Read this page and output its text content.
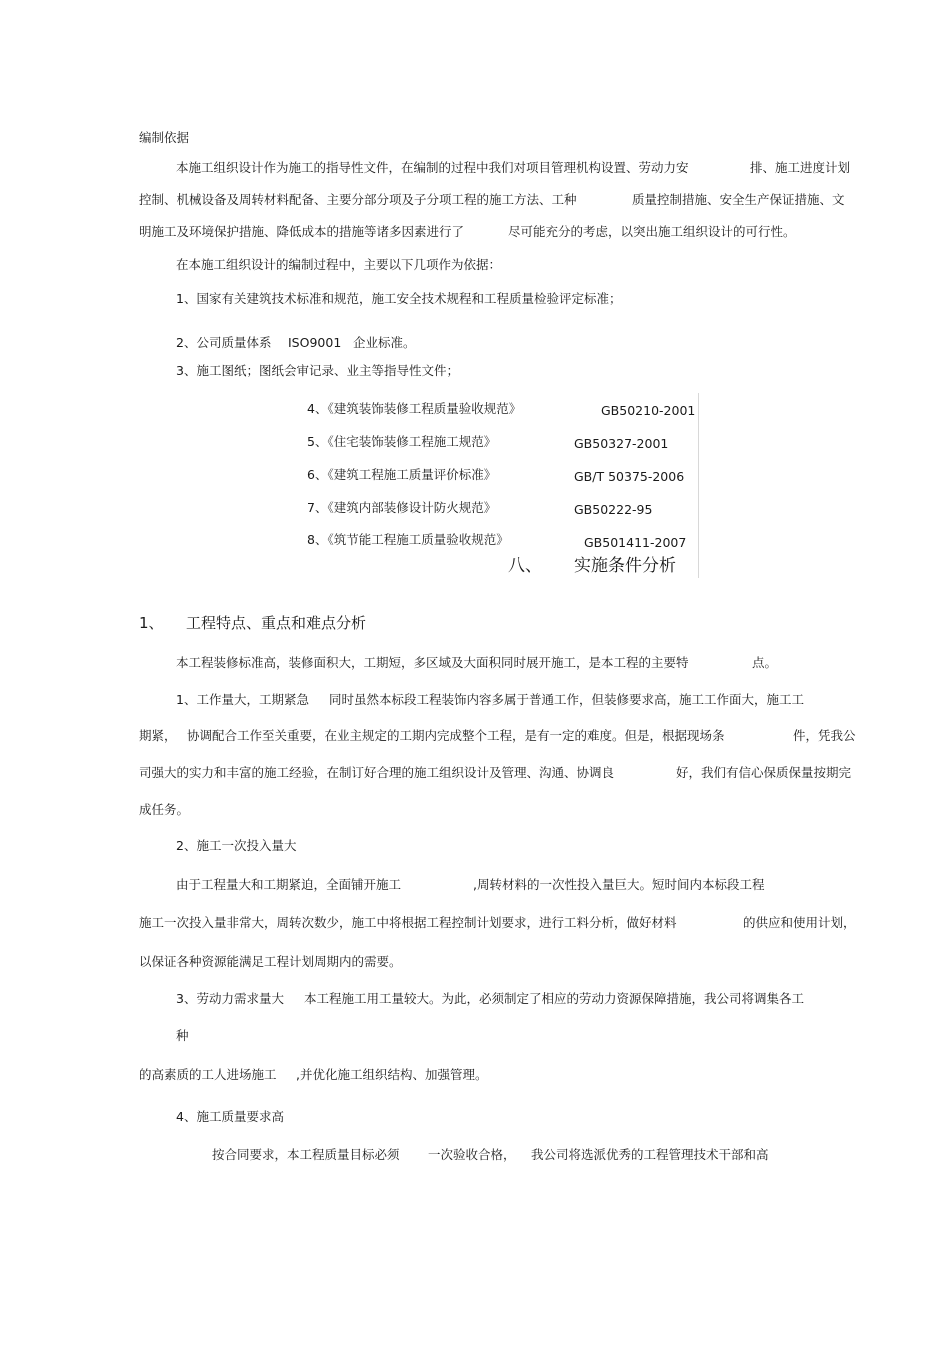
编制依据
本施工组织设计作为施工的指导性文件，在编制的过程中我们对项目管理机构设置、劳动力安	排、施工进度计划
控制、机械设备及周转材料配备、主要分部分项及子分项工程的施工方法、工种	质量控制措施、安全生产保证措施、文
明施工及环境保护措施、降低成本的措施等诸多因素进行了	尽可能充分的考虑，以突出施工组织设计的可行性。
在本施工组织设计的编制过程中，主要以下几项作为依据：
1、国家有关建筑技术标准和规范，施工安全技术规程和工程质量检验评定标准；
2、公司质量体系 ISO9001 企业标准。
3、施工图纸；图纸会审记录、业主等指导性文件；
4、《建筑装饰装修工程质量验收规范》	GB50210-2001
5、《住宅装饰装修工程施工规范》	GB50327-2001
6、《建筑工程施工质量评价标准》	GB/T 50375-2006
7、《建筑内部装修设计防火规范》	GB50222-95
8、《筑节能工程施工质量验收规范》	GB501411-2007
八、 实施条件分析
1、 工程特点、重点和难点分析
本工程装修标准高，装修面积大，工期短，多区域及大面积同时展开施工，是本工程的主要特	点。
1、工作量大，工期紧急 同时虽然本标段工程装饰内容多属于普通工作，但装修要求高，施工工作面大，施工工
期紧， 协调配合工作至关重要，在业主规定的工期内完成整个工程，是有一定的难度。但是，根据现场条	件，凭我公
司强大的实力和丰富的施工经验，在制订好合理的施工组织设计及管理、沟通、协调良	好，我们有信心保质保量按期完
成任务。
2、施工一次投入量大
由于工程量大和工期紧迫，全面铺开施工	,周转材料的一次性投入量巨大。短时间内本标段工程
施工一次投入量非常大，周转次数少，施工中将根据工程控制计划要求，进行工料分析，做好材料	的供应和使用计划，
以保证各种资源能满足工程计划周期内的需要。
3、劳动力需求量大 本工程施工用工量较大。为此，必须制定了相应的劳动力资源保障措施，我公司将调集各工
种
的高素质的工人进场施工 ,并优化施工组织结构、加强管理。
4、施工质量要求高
按合同要求，本工程质量目标必须 一次验收合格， 我公司将选派优秀的工程管理技术干部和高
